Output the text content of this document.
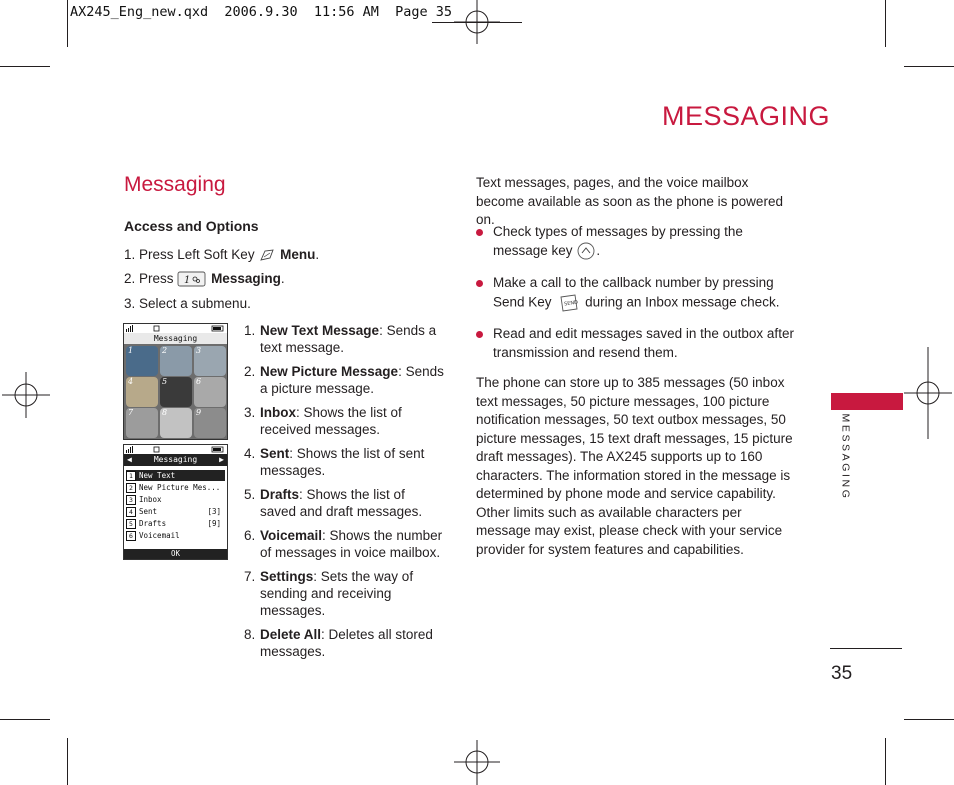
AX245_Eng_new.qxd  2006.9.30  11:56 AM  Page 35
MESSAGING
Messaging
Access and Options
1. Press Left Soft Key Menu.
2. Press 1 Messaging.
3. Select a submenu.
Messaging
1	2	3
4	5	6
7	8	9
◀	Messaging	▶
1 New Text
2 New Picture Mes...
3 Inbox
4 Sent	[3]
5 Drafts	[9]
6 Voicemail
OK
1. New Text Message: Sends a text message.
2. New Picture Message: Sends a picture message.
3. Inbox: Shows the list of received messages.
4. Sent: Shows the list of sent messages.
5. Drafts: Shows the list of saved and draft messages.
6. Voicemail: Shows the number of messages in voice mailbox.
7. Settings: Sets the way of sending and receiving messages.
8. Delete All: Deletes all stored messages.
Text messages, pages, and the voice mailbox become available as soon as the phone is powered on.
Check types of messages by pressing the message key .
Make a call to the callback number by pressing Send Key	SEND during an Inbox message check.
Read and edit messages saved in the outbox after transmission and resend them.
The phone can store up to 385 messages (50 inbox text messages, 50 picture messages, 100 picture notification messages, 50 text outbox messages, 50 picture messages, 15 text draft messages, 15 picture draft messages). The AX245 supports up to 160 characters. The information stored in the message is determined by phone mode and service capability. Other limits such as available characters per message may exist, please check with your service provider for system features and capabilities.
MESSAGING
35
